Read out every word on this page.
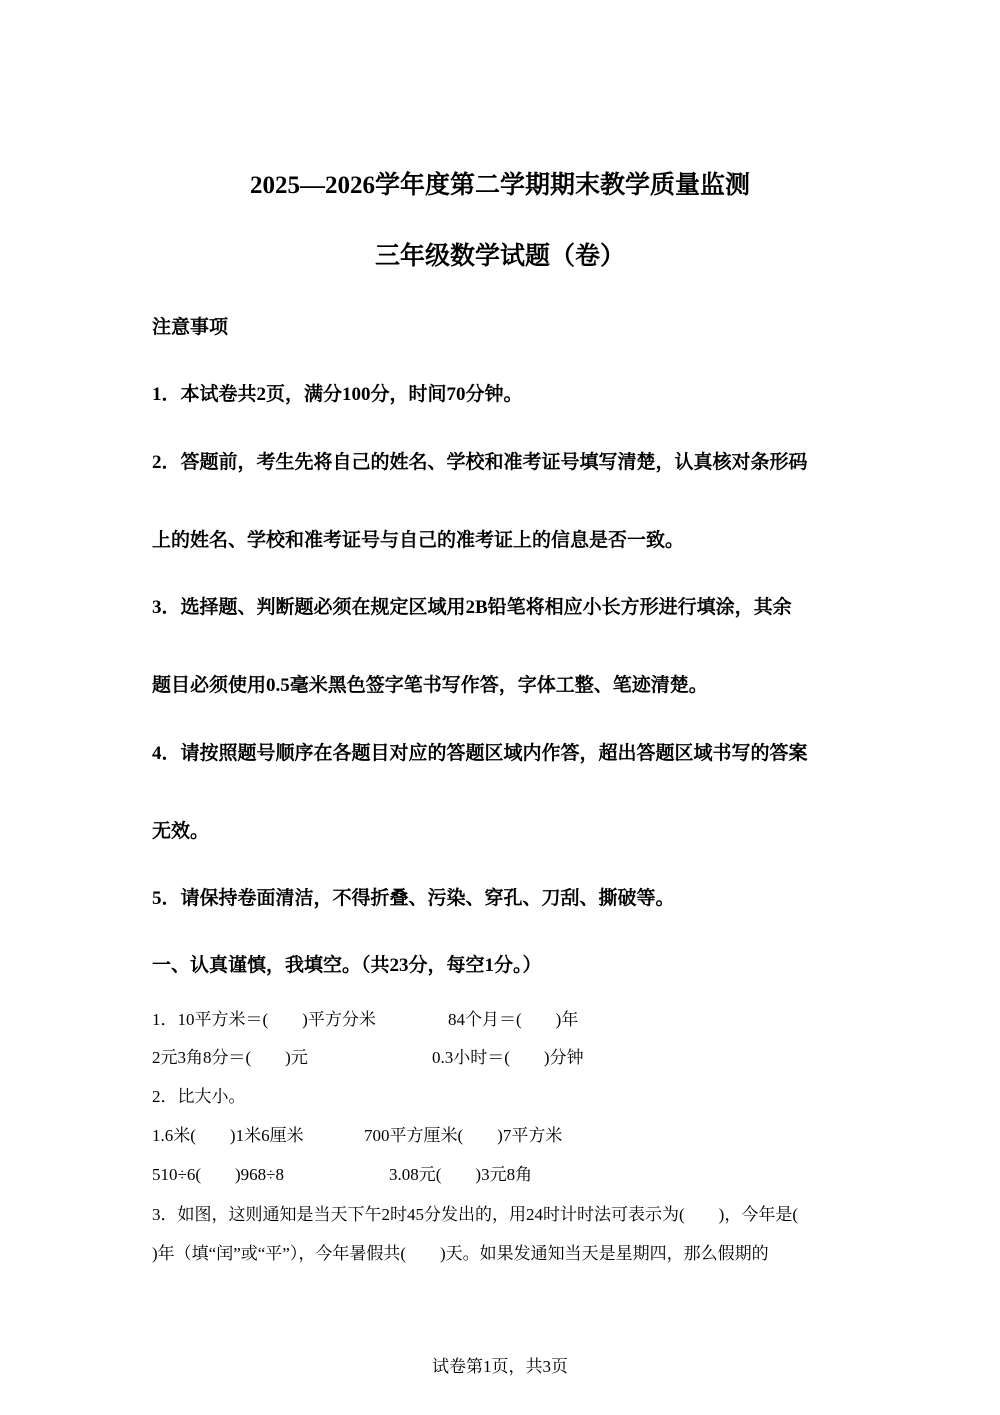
2025—2026学年度第二学期期末教学质量监测
三年级数学试题（卷）
注意事项
1．本试卷共2页，满分100分，时间70分钟。
2．答题前，考生先将自己的姓名、学校和准考证号填写清楚，认真核对条形码
上的姓名、学校和准考证号与自己的准考证上的信息是否一致。
3．选择题、判断题必须在规定区域用2B铅笔将相应小长方形进行填涂，其余
题目必须使用0.5毫米黑色签字笔书写作答，字体工整、笔迹清楚。
4．请按照题号顺序在各题目对应的答题区域内作答，超出答题区域书写的答案
无效。
5．请保持卷面清洁，不得折叠、污染、穿孔、刀刮、撕破等。
一、认真谨慎，我填空。（共23分，每空1分。）
1．10平方米＝(　　)平方分米	84个月＝(　　)年
2元3角8分＝(　　)元	0.3小时＝(　　)分钟
2．比大小。
1.6米(　　)1米6厘米	700平方厘米(　　)7平方米
510÷6(　　)968÷8	3.08元(　　)3元8角
3．如图，这则通知是当天下午2时45分发出的，用24时计时法可表示为(　　)，今年是(
)年（填“闰”或“平”），今年暑假共(　　)天。如果发通知当天是星期四，那么假期的
试卷第1页，共3页
